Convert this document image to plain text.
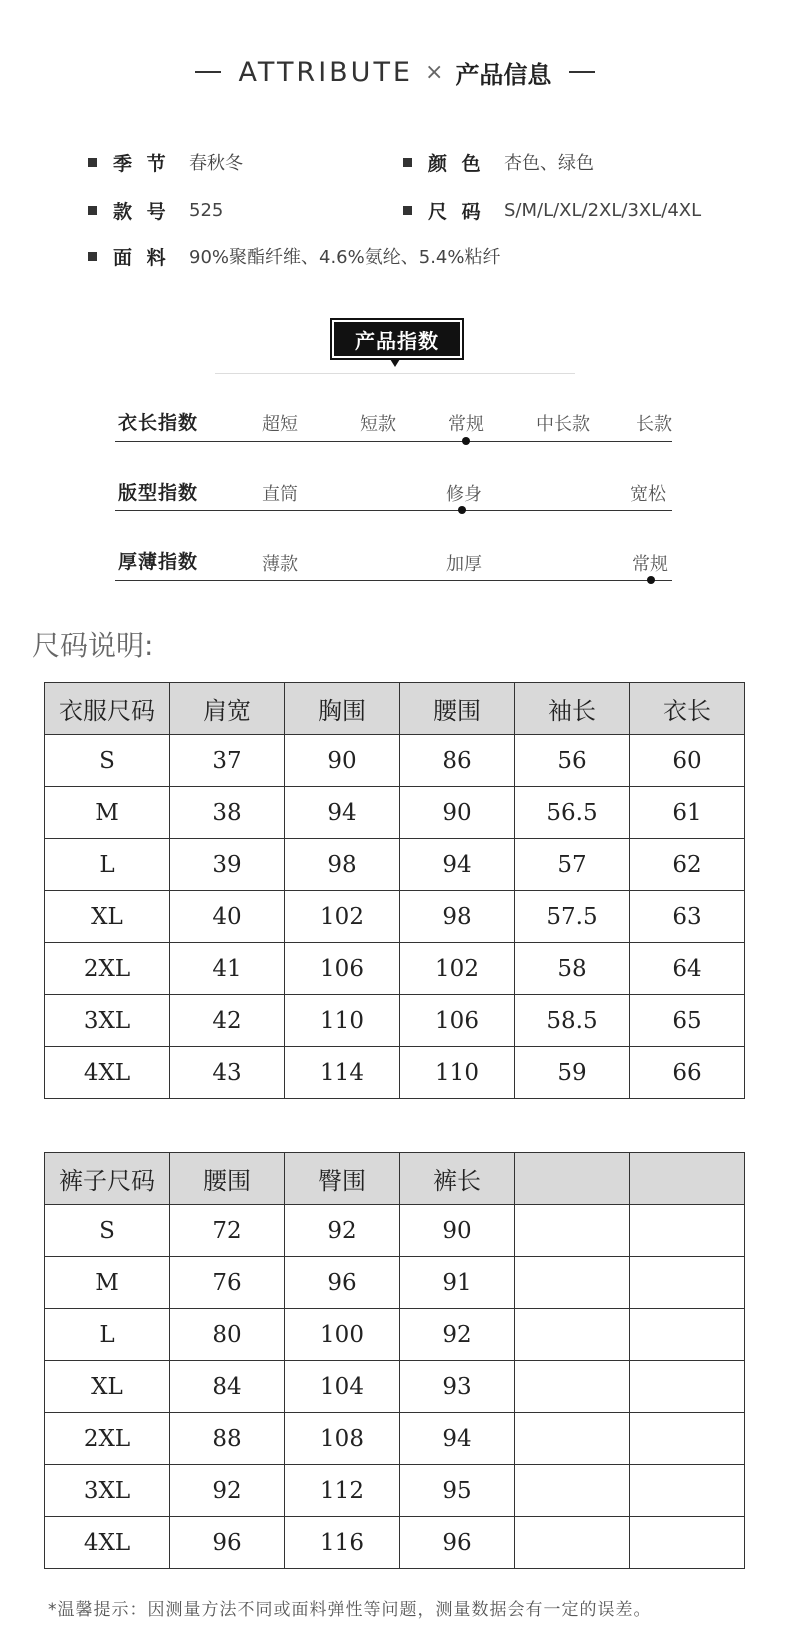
ATTRIBUTE × 产品信息
季 节	春秋冬	颜 色	杏色、绿色
款 号	525	尺 码	S/M/L/XL/2XL/3XL/4XL
面 料	90%聚酯纤维、4.6%氨纶、5.4%粘纤
产品指数
衣长指数	超短	短款	常规	中长款	长款
版型指数	直筒	修身	宽松
厚薄指数	薄款	加厚	常规
尺码说明:
衣服尺码	肩宽	胸围	腰围	袖长	衣长
S	37	90	86	56	60
M	38	94	90	56.5	61
L	39	98	94	57	62
XL	40	102	98	57.5	63
2XL	41	106	102	58	64
3XL	42	110	106	58.5	65
4XL	43	114	110	59	66
裤子尺码	腰围	臀围	裤长		
S	72	92	90		
M	76	96	91		
L	80	100	92		
XL	84	104	93		
2XL	88	108	94		
3XL	92	112	95		
4XL	96	116	96		
*温馨提示：因测量方法不同或面料弹性等问题，测量数据会有一定的误差。
